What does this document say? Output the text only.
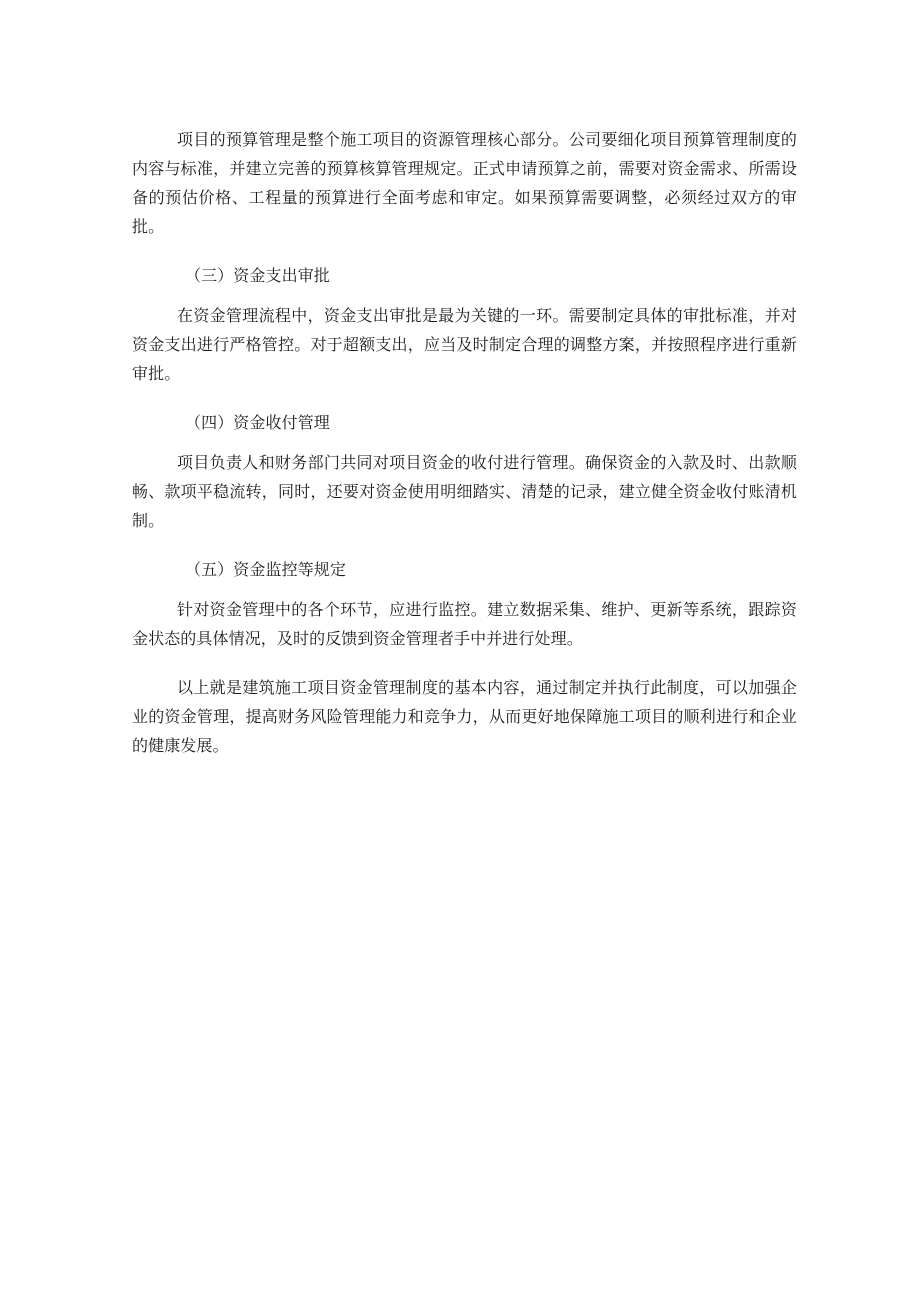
项目的预算管理是整个施工项目的资源管理核心部分。公司要细化项目预算管理制度的内容与标准，并建立完善的预算核算管理规定。正式申请预算之前，需要对资金需求、所需设备的预估价格、工程量的预算进行全面考虑和审定。如果预算需要调整，必须经过双方的审批。

（三）资金支出审批

在资金管理流程中，资金支出审批是最为关键的一环。需要制定具体的审批标准，并对资金支出进行严格管控。对于超额支出，应当及时制定合理的调整方案，并按照程序进行重新审批。

（四）资金收付管理

项目负责人和财务部门共同对项目资金的收付进行管理。确保资金的入款及时、出款顺畅、款项平稳流转，同时，还要对资金使用明细踏实、清楚的记录，建立健全资金收付账清机制。

（五）资金监控等规定

针对资金管理中的各个环节，应进行监控。建立数据采集、维护、更新等系统，跟踪资金状态的具体情况，及时的反馈到资金管理者手中并进行处理。

以上就是建筑施工项目资金管理制度的基本内容，通过制定并执行此制度，可以加强企业的资金管理，提高财务风险管理能力和竞争力，从而更好地保障施工项目的顺利进行和企业的健康发展。
